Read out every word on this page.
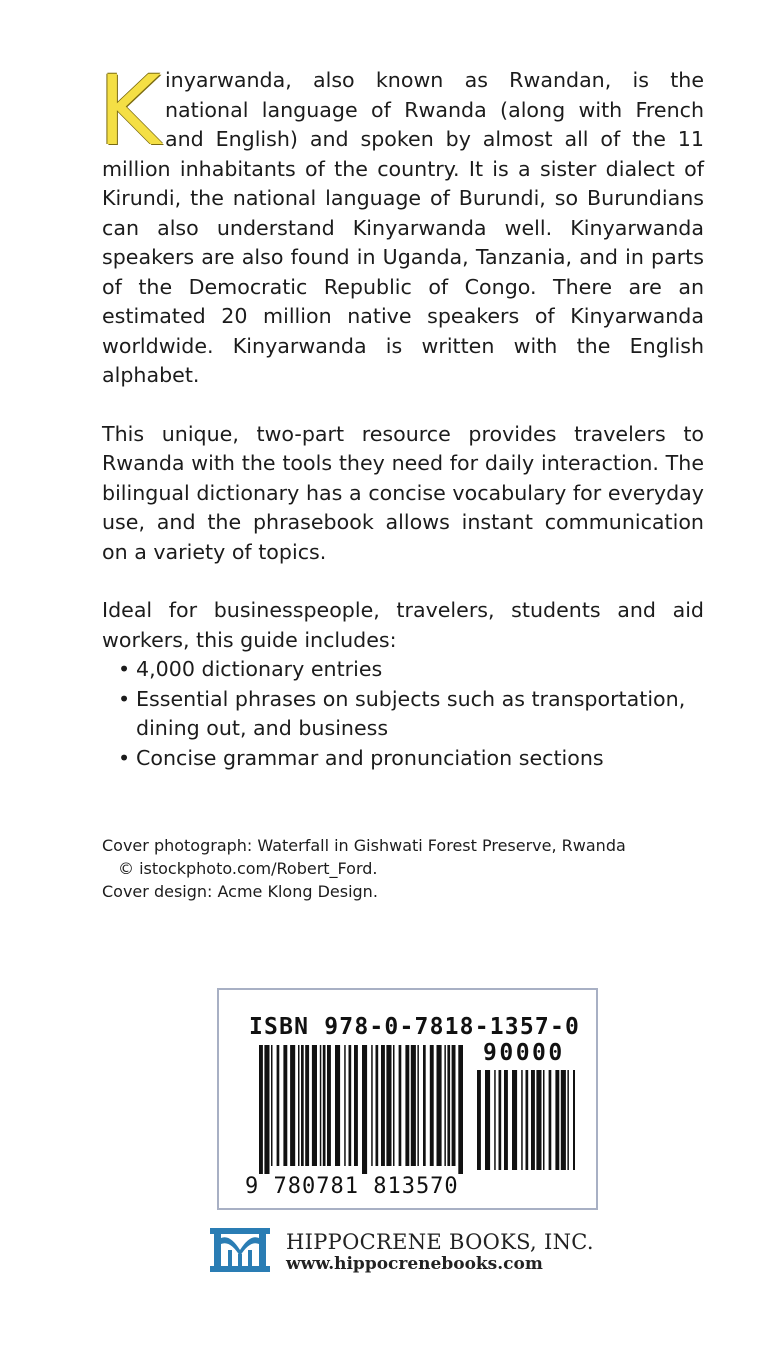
Kinyarwanda, also known as Rwandan, is the national language of Rwanda (along with French and English) and spoken by almost all of the 11 million inhabitants of the country. It is a sister dialect of Kirundi, the national language of Burundi, so Burundians can also understand Kinyarwanda well. Kinyarwanda speakers are also found in Uganda, Tanzania, and in parts of the Democratic Republic of Congo. There are an estimated 20 million native speakers of Kinyarwanda worldwide. Kinyarwanda is written with the English alphabet.

This unique, two-part resource provides travelers to Rwanda with the tools they need for daily interaction. The bilingual dictionary has a concise vocabulary for everyday use, and the phrasebook allows instant communication on a variety of topics.

Ideal for businesspeople, travelers, students and aid workers, this guide includes:

• 4,000 dictionary entries
• Essential phrases on subjects such as transportation, dining out, and business
• Concise grammar and pronunciation sections
Cover photograph: Waterfall in Gishwati Forest Preserve, Rwanda
© istockphoto.com/Robert_Ford.
Cover design: Acme Klong Design.
ISBN 978-0-7818-1357-0
90000
9 780781 813570
HIPPOCRENE BOOKS, INC.
www.hippocrenebooks.com
